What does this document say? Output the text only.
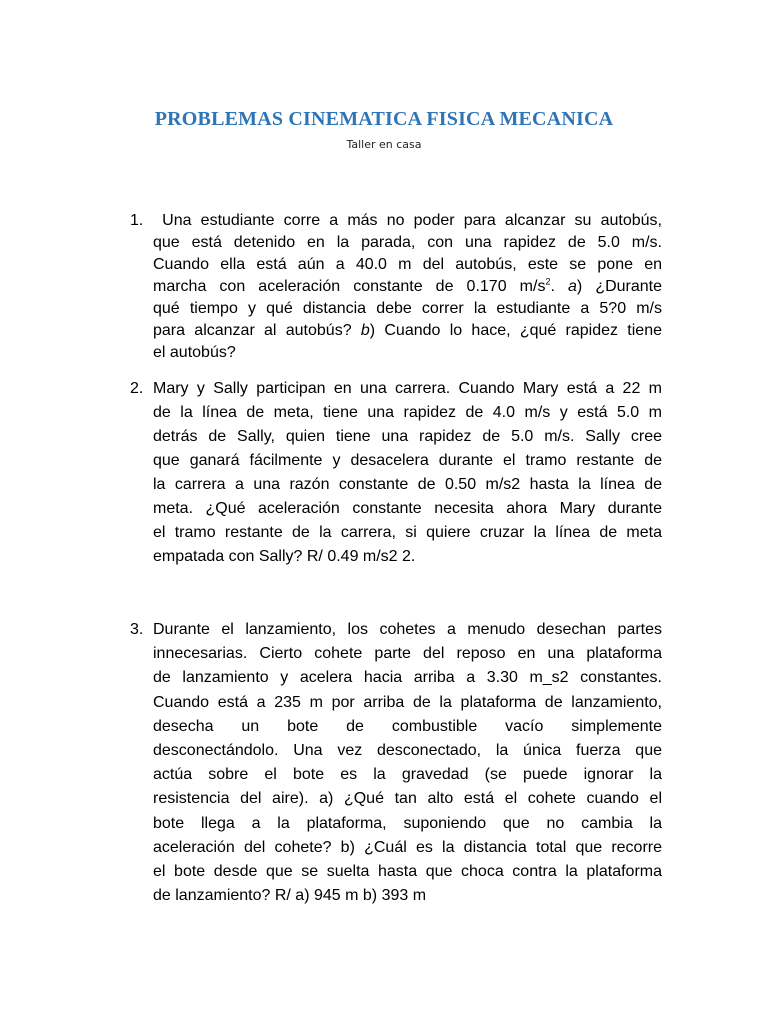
PROBLEMAS CINEMATICA FISICA MECANICA
Taller en casa
1. Una estudiante corre a más no poder para alcanzar su autobús,
que está detenido en la parada, con una rapidez de 5.0 m/s.
Cuando ella está aún a 40.0 m del autobús, este se pone en
marcha con aceleración constante de 0.170 $m/s^2$. a) ¿Durante
qué tiempo y qué distancia debe correr la estudiante a 5?0 m/s
para alcanzar al autobús? b) Cuando lo hace, ¿qué rapidez tiene
el autobús?
2. Mary y Sally participan en una carrera. Cuando Mary está a 22 m
de la línea de meta, tiene una rapidez de 4.0 m/s y está 5.0 m
detrás de Sally, quien tiene una rapidez de 5.0 m/s. Sally cree
que ganará fácilmente y desacelera durante el tramo restante de
la carrera a una razón constante de 0.50 m/s2 hasta la línea de
meta. ¿Qué aceleración constante necesita ahora Mary durante
el tramo restante de la carrera, si quiere cruzar la línea de meta
empatada con Sally? R/ 0.49 m/s2 2.
3. Durante el lanzamiento, los cohetes a menudo desechan partes
innecesarias. Cierto cohete parte del reposo en una plataforma
de lanzamiento y acelera hacia arriba a 3.30 m_s2 constantes.
Cuando está a 235 m por arriba de la plataforma de lanzamiento,
desecha un bote de combustible vacío simplemente
desconectándolo. Una vez desconectado, la única fuerza que
actúa sobre el bote es la gravedad (se puede ignorar la
resistencia del aire). a) ¿Qué tan alto está el cohete cuando el
bote llega a la plataforma, suponiendo que no cambia la
aceleración del cohete? b) ¿Cuál es la distancia total que recorre
el bote desde que se suelta hasta que choca contra la plataforma
de lanzamiento? R/ a) 945 m b) 393 m
